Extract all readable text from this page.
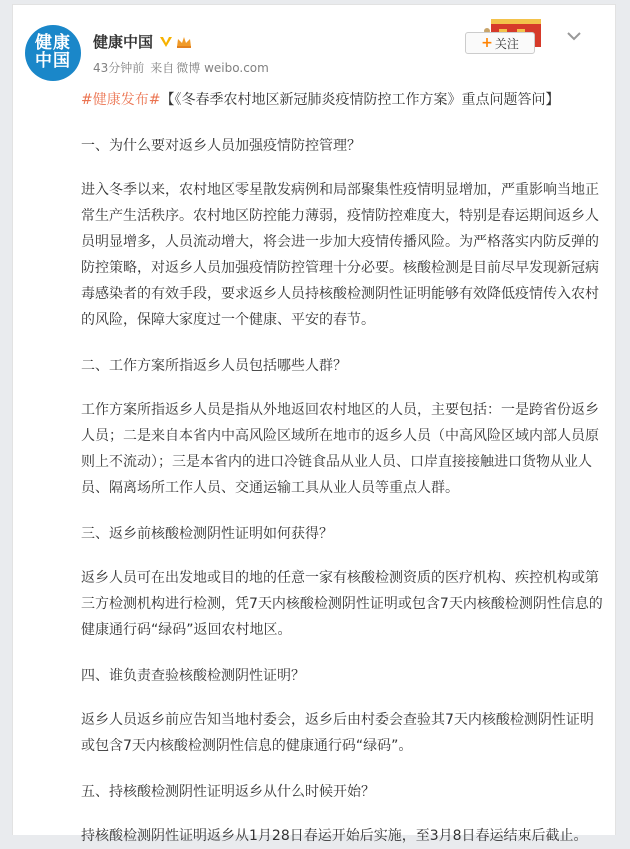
健康
中国
健康中国
43分钟前 来自 微博 weibo.com
+ 关注

#健康发布#【《冬春季农村地区新冠肺炎疫情防控工作方案》重点问题答问】

一、为什么要对返乡人员加强疫情防控管理？

进入冬季以来，农村地区零星散发病例和局部聚集性疫情明显增加，严重影响当地正常生产生活秩序。农村地区防控能力薄弱，疫情防控难度大，特别是春运期间返乡人员明显增多，人员流动增大，将会进一步加大疫情传播风险。为严格落实内防反弹的防控策略，对返乡人员加强疫情防控管理十分必要。核酸检测是目前尽早发现新冠病毒感染者的有效手段，要求返乡人员持核酸检测阴性证明能够有效降低疫情传入农村的风险，保障大家度过一个健康、平安的春节。

二、工作方案所指返乡人员包括哪些人群？

工作方案所指返乡人员是指从外地返回农村地区的人员，主要包括：一是跨省份返乡人员；二是来自本省内中高风险区域所在地市的返乡人员（中高风险区域内部人员原则上不流动）；三是本省内的进口冷链食品从业人员、口岸直接接触进口货物从业人员、隔离场所工作人员、交通运输工具从业人员等重点人群。

三、返乡前核酸检测阴性证明如何获得？

返乡人员可在出发地或目的地的任意一家有核酸检测资质的医疗机构、疾控机构或第三方检测机构进行检测，凭7天内核酸检测阴性证明或包含7天内核酸检测阴性信息的健康通行码“绿码”返回农村地区。

四、谁负责查验核酸检测阴性证明？

返乡人员返乡前应告知当地村委会，返乡后由村委会查验其7天内核酸检测阴性证明或包含7天内核酸检测阴性信息的健康通行码“绿码”。

五、持核酸检测阴性证明返乡从什么时候开始？

持核酸检测阴性证明返乡从1月28日春运开始后实施，至3月8日春运结束后截止。
